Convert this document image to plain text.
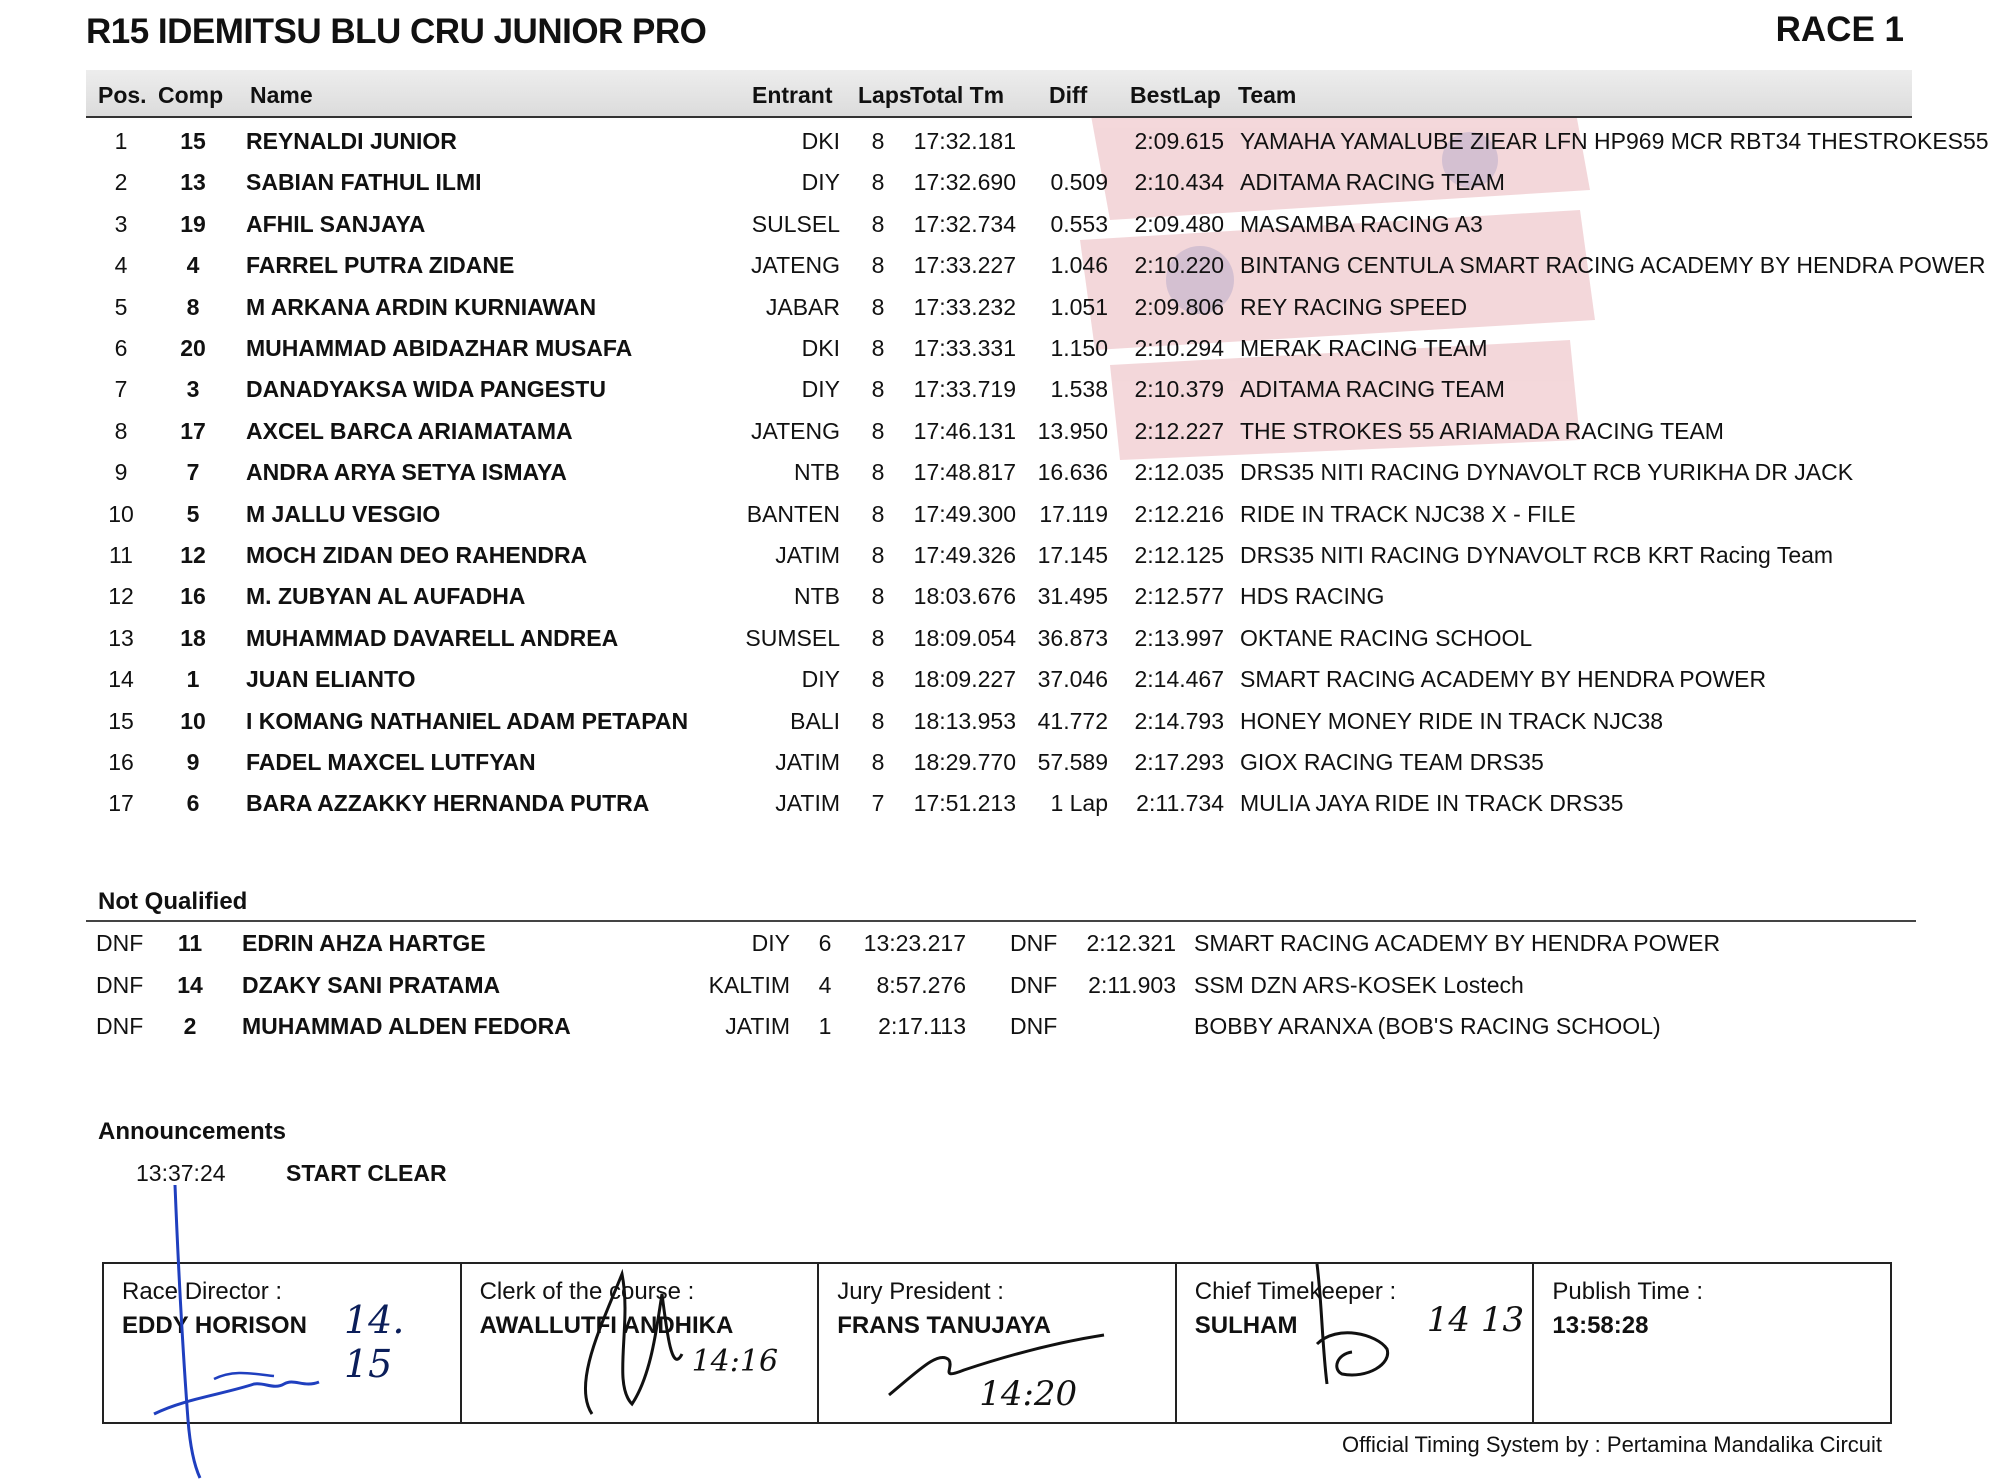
R15 IDEMITSU BLU CRU JUNIOR PRO	RACE 1
Pos. Comp Name	Entrant Laps
Total Tm Diff BestLap Team
1	15	REYNALDI JUNIOR	DKI	8	17:32.181	2:09.615 YAMAHA YAMALUBE ZIEAR LFN HP969 MCR RBT34 THESTROKES55
2	13	SABIAN FATHUL ILMI	DIY	8	17:32.690	0.509	2:10.434 ADITAMA RACING TEAM
3	19	AFHIL SANJAYA	SULSEL	8	17:32.734	0.553	2:09.480 MASAMBA RACING A3
4	4	FARREL PUTRA ZIDANE	JATENG	8	17:33.227	1.046	2:10.220 BINTANG CENTULA SMART RACING ACADEMY BY HENDRA POWER
5	8	M ARKANA ARDIN KURNIAWAN	JABAR	8	17:33.232	1.051	2:09.806 REY RACING SPEED
6	20	MUHAMMAD ABIDAZHAR MUSAFA	DKI	8	17:33.331	1.150	2:10.294 MERAK RACING TEAM
7	3	DANADYAKSA WIDA PANGESTU	DIY	8	17:33.719	1.538	2:10.379 ADITAMA RACING TEAM
8	17	AXCEL BARCA ARIAMATAMA	JATENG	8	17:46.131 13.950	2:12.227 THE STROKES 55 ARIAMADA RACING TEAM
9	7	ANDRA ARYA SETYA ISMAYA	NTB	8	17:48.817 16.636	2:12.035 DRS35 NITI RACING DYNAVOLT RCB YURIKHA DR JACK
10	5	M JALLU VESGIO	BANTEN	8	17:49.300	17.119	2:12.216 RIDE IN TRACK NJC38 X - FILE
11	12	MOCH ZIDAN DEO RAHENDRA	JATIM	8	17:49.326 17.145	2:12.125 DRS35 NITI RACING DYNAVOLT RCB KRT Racing Team
12	16	M. ZUBYAN AL AUFADHA	NTB	8	18:03.676 31.495	2:12.577 HDS RACING
13	18	MUHAMMAD DAVARELL ANDREA	SUMSEL	8	18:09.054 36.873	2:13.997 OKTANE RACING SCHOOL
14	1	JUAN ELIANTO	DIY	8	18:09.227 37.046	2:14.467 SMART RACING ACADEMY BY HENDRA POWER
15	10	I KOMANG NATHANIEL ADAM PETAPAN	BALI	8	18:13.953 41.772	2:14.793 HONEY MONEY RIDE IN TRACK NJC38
16	9	FADEL MAXCEL LUTFYAN	JATIM	8	18:29.770 57.589	2:17.293 GIOX RACING TEAM DRS35
17	6	BARA AZZAKKY HERNANDA PUTRA	JATIM	7	17:51.213	1 Lap	2:11.734 MULIA JAYA RIDE IN TRACK DRS35
Not Qualified
DNF 11 EDRIN AHZA HARTGE	DIY	6	13:23.217 DNF	2:12.321 SMART RACING ACADEMY BY HENDRA POWER
DNF 14 DZAKY SANI PRATAMA	KALTIM	4	8:57.276 DNF	2:11.903 SSM DZN ARS-KOSEK Lostech
DNF	2	MUHAMMAD ALDEN FEDORA	JATIM	1	2:17.113 DNF	BOBBY ARANXA (BOB'S RACING SCHOOL)
Announcements
13:37:24	START CLEAR
Race Director :
EDDY HORISON 14. 15
Clerk of the course :
AWALLUTFI ANDHIKA
14:16
Jury President :
FRANS TANUJAYA
14:20
Chief Timekeeper :
SULHAM	14 13
Publish Time :
13:58:28
Official Timing System by : Pertamina Mandalika Circuit
